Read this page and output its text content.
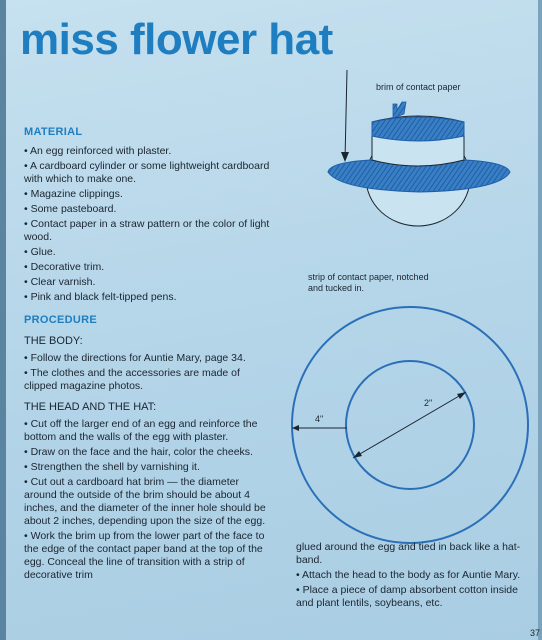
miss flower hat
MATERIAL
• An egg reinforced with plaster.
• A cardboard cylinder or some lightweight cardboard with which to make one.
• Magazine clippings.
• Some pasteboard.
• Contact paper in a straw pattern or the color of light wood.
• Glue.
• Decorative trim.
• Clear varnish.
• Pink and black felt-tipped pens.
PROCEDURE
THE BODY:
• Follow the directions for Auntie Mary, page 34.
• The clothes and the accessories are made of clipped magazine photos.
THE HEAD AND THE HAT:
• Cut off the larger end of an egg and reinforce the bottom and the walls of the egg with plaster.
• Draw on the face and the hair, color the cheeks.
• Strengthen the shell by varnishing it.
• Cut out a cardboard hat brim — the diameter around the outside of the brim should be about 4 inches, and the diameter of the inner hole should be about 2 inches, depending upon the size of the egg.
• Work the brim up from the lower part of the face to the edge of the contact paper band at the top of the egg. Conceal the line of transition with a strip of decorative trim
brim of contact paper
strip of contact paper, notched
and tucked in.
4"
2"
glued around the egg and tied in back like a hat-band.
• Attach the head to the body as for Auntie Mary.
• Place a piece of damp absorbent cotton inside and plant lentils, soybeans, etc.
37
